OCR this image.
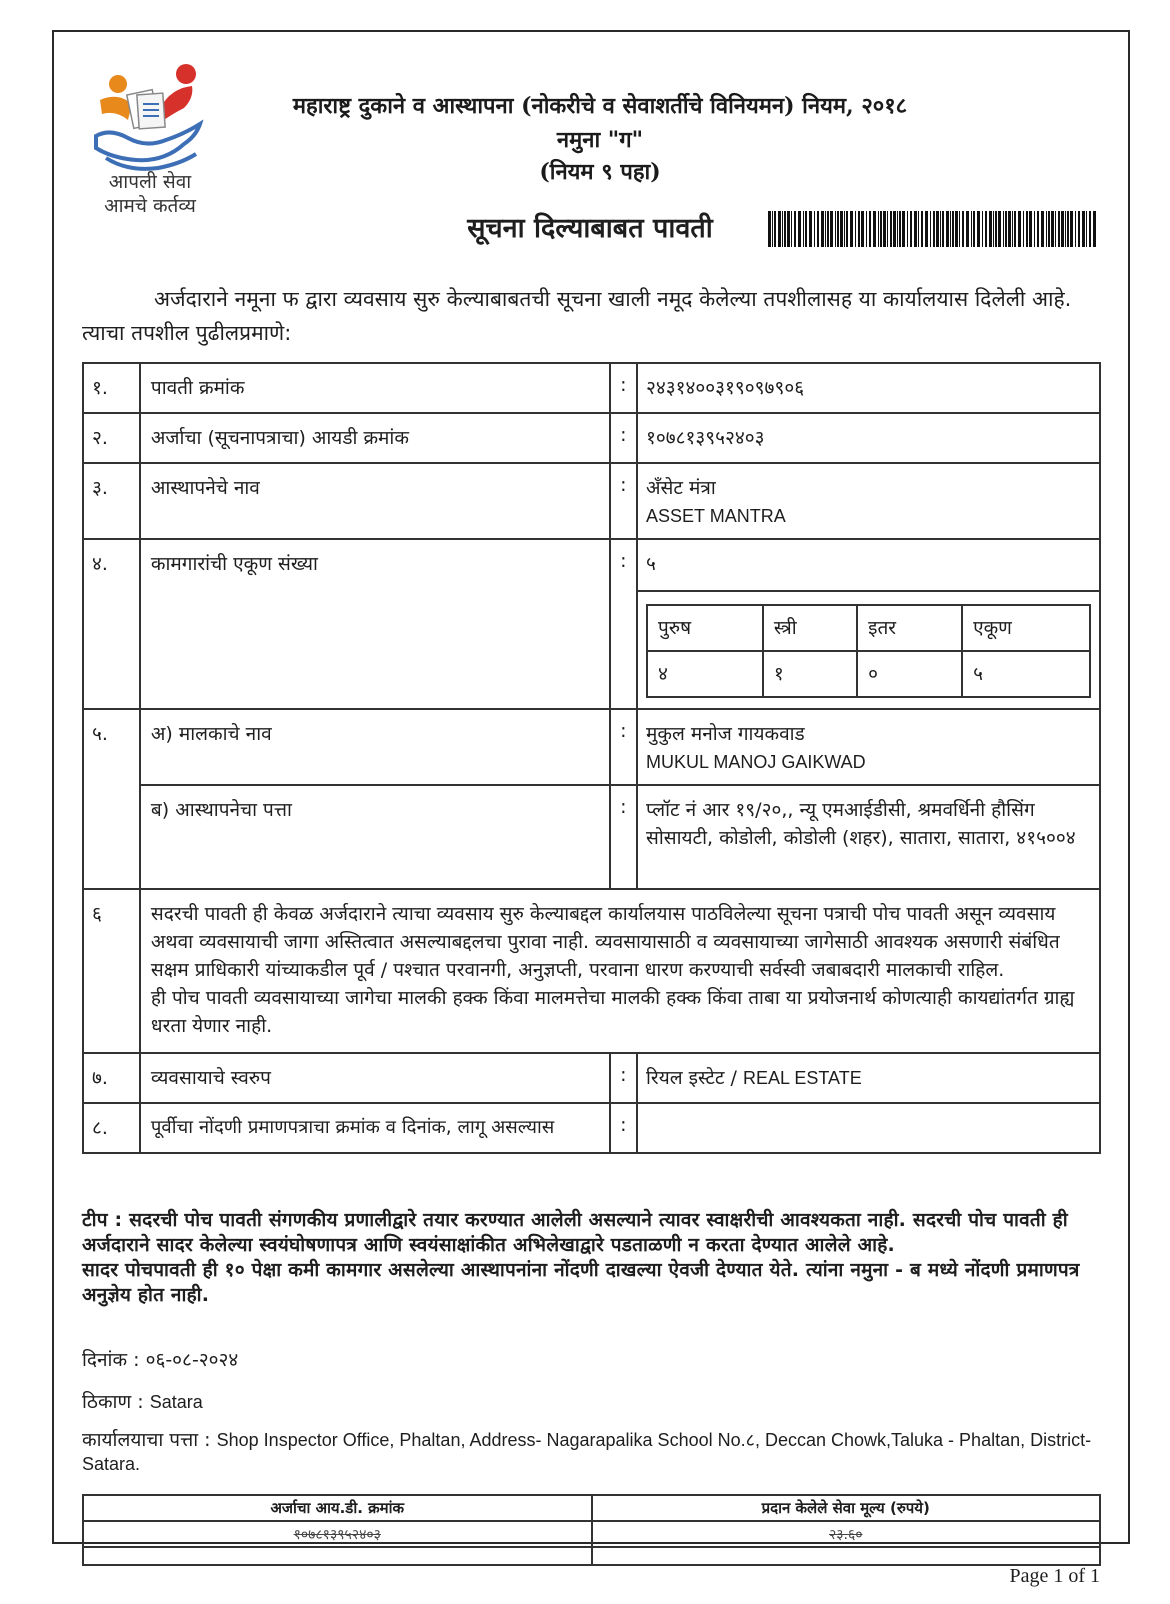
आपली सेवा
आमचे कर्तव्य
महाराष्ट्र दुकाने व आस्थापना (नोकरीचे व सेवाशर्तीचे विनियमन) नियम, २०१८
नमुना "ग"
(नियम ९ पहा)
सूचना दिल्याबाबत पावती
अर्जदाराने नमूना फ द्वारा व्यवसाय सुरु केल्याबाबतची सूचना खाली नमूद केलेल्या तपशीलासह या कार्यालयास दिलेली आहे. त्याचा तपशील पुढीलप्रमाणे:
१.	पावती क्रमांक	:	२४३१४००३१९०९७९०६
२.	अर्जाचा (सूचनापत्राचा) आयडी क्रमांक	:	१०७८१३९५२४०३
३.	आस्थापनेचे नाव	:	अँसेट मंत्रा
ASSET MANTRA

४.	कामगारांची एकूण संख्या	:	५
पुरुष	स्त्री	इतर	एकूण
४	१	०	५

५.	अ) मालकाचे नाव	:	मुकुल मनोज गायकवाड
MUKUL MANOJ GAIKWAD

ब) आस्थापनेचा पत्ता	:	प्लॉट नं आर १९/२०,, न्यू एमआईडीसी, श्रमवर्धिनी हौसिंग सोसायटी, कोडोली, कोडोली (शहर), सातारा, सातारा, ४१५००४
६	सदरची पावती ही केवळ अर्जदाराने त्याचा व्यवसाय सुरु केल्याबद्दल कार्यालयास पाठविलेल्या सूचना पत्राची पोच पावती असून व्यवसाय अथवा व्यवसायाची जागा अस्तित्वात असल्याबद्दलचा पुरावा नाही. व्यवसायासाठी व व्यवसायाच्या जागेसाठी आवश्यक असणारी संबंधित सक्षम प्राधिकारी यांच्याकडील पूर्व / पश्चात परवानगी, अनुज्ञप्ती, परवाना धारण करण्याची सर्वस्वी जबाबदारी मालकाची राहिल.
ही पोच पावती व्यवसायाच्या जागेचा मालकी हक्क किंवा मालमत्तेचा मालकी हक्क किंवा ताबा या प्रयोजनार्थ कोणत्याही कायद्यांतर्गत ग्राह्य धरता येणार नाही.

७.	व्यवसायाचे स्वरुप	:	रियल इस्टेट / REAL ESTATE
८.	पूर्वीचा नोंदणी प्रमाणपत्राचा क्रमांक व दिनांक, लागू असल्यास	:	
टीप : सदरची पोच पावती संगणकीय प्रणालीद्वारे तयार करण्यात आलेली असल्याने त्यावर स्वाक्षरीची आवश्यकता नाही. सदरची पोच पावती ही अर्जदाराने सादर केलेल्या स्वयंघोषणापत्र आणि स्वयंसाक्षांकीत अभिलेखाद्वारे पडताळणी न करता देण्यात आलेले आहे.
सादर पोचपावती ही १० पेक्षा कमी कामगार असलेल्या आस्थापनांना नोंदणी दाखल्या ऐवजी देण्यात येते. त्यांना नमुना - ब मध्ये नोंदणी प्रमाणपत्र अनुज्ञेय होत नाही.
दिनांक : ०६-०८-२०२४
ठिकाण : Satara
कार्यालयाचा पत्ता : Shop Inspector Office, Phaltan, Address- Nagarapalika School No.८, Deccan Chowk,Taluka - Phaltan, District-Satara.
अर्जाचा आय.डी. क्रमांक	प्रदान केलेले सेवा मूल्य (रुपये)
१०७८१३९५२४०३	२३.६०

Page 1 of 1
